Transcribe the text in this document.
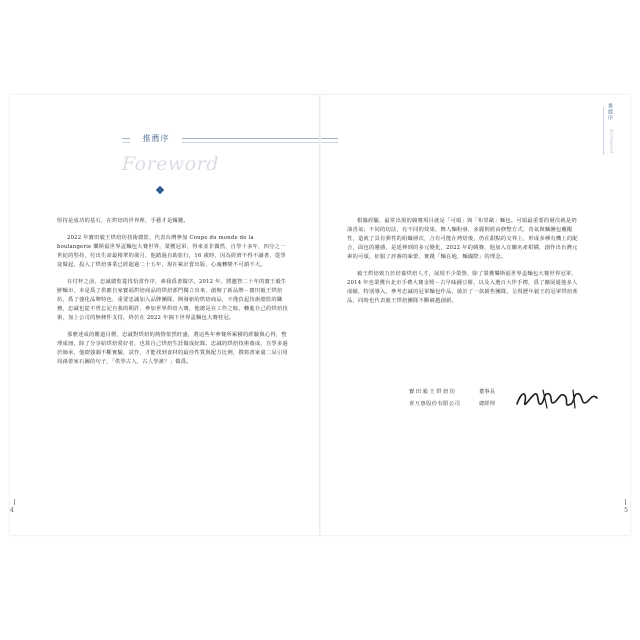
推薦序
Foreword

堅持是成功的基石，在烘焙的世界裡，手藝才是關鍵。

2022 年寶田毅王烘焙坊技術總監，代表台灣參加 Coupe du monde de la boulangerie 樂斯福世界盃麵包大賽世界，榮獲冠軍，得來並非偶然，自學十多年，四分之一世紀的堅持，付出生命最精華的歲月，他踏過自助旅行，16 歲時，因為經濟不得不讀書，從學徒做起，投入了烘焙事業已經超過二十五年，現在累計賣出版，心魂轉變不可謂不大。

在付梓之前，忠誠總監從找恰當作序，素我爲書做序。2012 年，將邀智二十年的寶王毅生鮮麵市，本是爲了供應自家寶福烘焙商品的烘焙部門獨立出來，創辦了新品牌－寶田毅王烘焙坊，爲了強化品牌特色，重要忠誠加入品牌團隊，開發新的烘焙商品，不僅負起技術總監的職務，忠誠也從不曾忘記自我的期許，參加世界烘焙大賽，他總是在工作之餘，轉進自己的烘焙技術，加上公司的無條件支持，終於在 2022 年摘下世界盃麵包大賽桂冠。

那麼達成的難道目標，忠誠對烘焙的熱情依然旺盛，將這些年參賽所累積的經驗與心得，整理成冊，除了分享給烘焙愛好者，也算自己烘焙生涯做成紀錄。忠誠的烘焙技術養成，自學多過於師承，他總強調不斷實驗，試作，才能找到食材的最佳性質與配方比例，撰寫書家還二呆引用周孫蕾家石圖的句子，「供學古人，古人學誰？」做爲。

4
推薦序
Foreword

根據經驗，最常出現的競賽項目就是「可頌」與「布里歐」麵包。可頌最重要的層次就是奶油香氣；不同的切法，有不同的效果，舞人麵粉發，多麗則經由修整方式，奇氣與麵團包覆醒性，造就了具有彈性的組織層次，合有可能在烤焙後，仍在甜點的交界上，形成多種有機上的配合，面包的靈感，是延伸到的多元變化，2022 年的競賽，他加入宜蘭名產柑橘，創作出台灣元素的可頌，征服了評審的味蕾，實踐「麵在地，麵國際」的理念。

毅王烘焙致力於培養烘焙人才，展現不少榮譽，除了榮獲樂斯福世界盃麵包大賽世界冠軍，2014 年也榮獲台北市手禮大賽金獎－古早味鍾豆餅，以及入選百大伴手禮，爲了擴展還他多人成績，特別導入，參考忠誠的冠軍麵包作品，啟計了一款銷售團隊，呈現歷年毅王的冠軍烘焙產品，同時也代表毅王烘焙團隊不斷破越創新。

寶田毅王烘焙坊	董事長
喜互惠股份有限公司	總經理
5
